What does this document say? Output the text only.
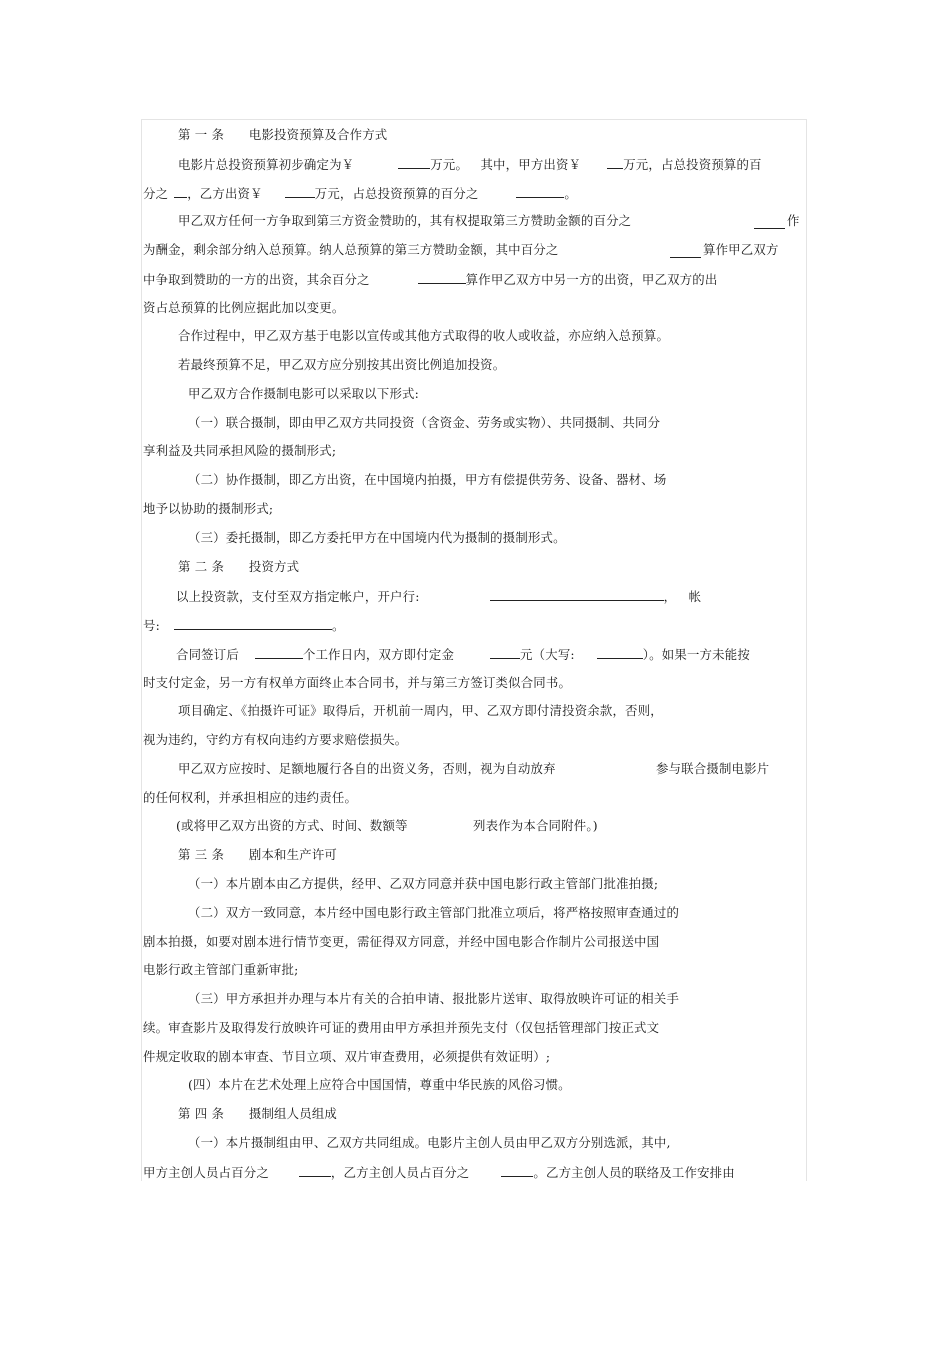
第 一 条      电影投资预算及合作方式
电影片总投资预算初步确定为￥	万元。   其中，甲方出资￥	万元，占总投资预算的百
分之 ，乙方出资￥	万元，占总投资预算的百分之	。
甲乙双方任何一方争取到第三方资金赞助的，其有权提取第三方赞助金额的百分之	作
为酬金，剩余部分纳入总预算。纳人总预算的第三方赞助金额，其中百分之	算作甲乙双方
中争取到赞助的一方的出资，其余百分之	算作甲乙双方中另一方的出资，甲乙双方的出
资占总预算的比例应据此加以变更。
合作过程中，甲乙双方基于电影以宣传或其他方式取得的收人或收益，亦应纳入总预算。
若最终预算不足，甲乙双方应分别按其出资比例追加投资。
甲乙双方合作摄制电影可以采取以下形式:
（一）联合摄制，即由甲乙双方共同投资（含资金、劳务或实物）、共同摄制、共同分
享利益及共同承担风险的摄制形式;
（二）协作摄制，即乙方出资，在中国境内拍摄，甲方有偿提供劳务、设备、器材、场
地予以协助的摄制形式;
（三）委托摄制，即乙方委托甲方在中国境内代为摄制的摄制形式。
第 二 条      投资方式
以上投资款，支付至双方指定帐户，开户行:	，   帐
号:	。
合同签订后	个工作日内，双方即付定金	元（大写:	）。如果一方未能按
时支付定金，另一方有权单方面终止本合同书，并与第三方签订类似合同书。
项目确定、《拍摄许可证》取得后，开机前一周内，甲、乙双方即付清投资余款，否则，
视为违约，守约方有权向违约方要求赔偿损失。
甲乙双方应按时、足额地履行各自的出资义务，否则，视为自动放弃	参与联合摄制电影片
的任何权利，并承担相应的违约责任。
(或将甲乙双方出资的方式、时间、数额等	列表作为本合同附件。)
第 三 条      剧本和生产许可
（一）本片剧本由乙方提供，经甲、乙双方同意并获中国电影行政主管部门批准拍摄;
（二）双方一致同意，本片经中国电影行政主管部门批准立项后，将严格按照审查通过的
剧本拍摄，如要对剧本进行情节变更，需征得双方同意，并经中国电影合作制片公司报送中国
电影行政主管部门重新审批;
（三）甲方承担并办理与本片有关的合拍申请、报批影片送审、取得放映许可证的相关手
续。审查影片及取得发行放映许可证的费用由甲方承担并预先支付（仅包括管理部门按正式文
件规定收取的剧本审查、节目立项、双片审查费用，必须提供有效证明）;
(四）本片在艺术处理上应符合中国国情，尊重中华民族的风俗习惯。
第 四 条      摄制组人员组成
（一）本片摄制组由甲、乙双方共同组成。电影片主创人员由甲乙双方分别选派，其中,
甲方主创人员占百分之	，乙方主创人员占百分之	。乙方主创人员的联络及工作安排由
